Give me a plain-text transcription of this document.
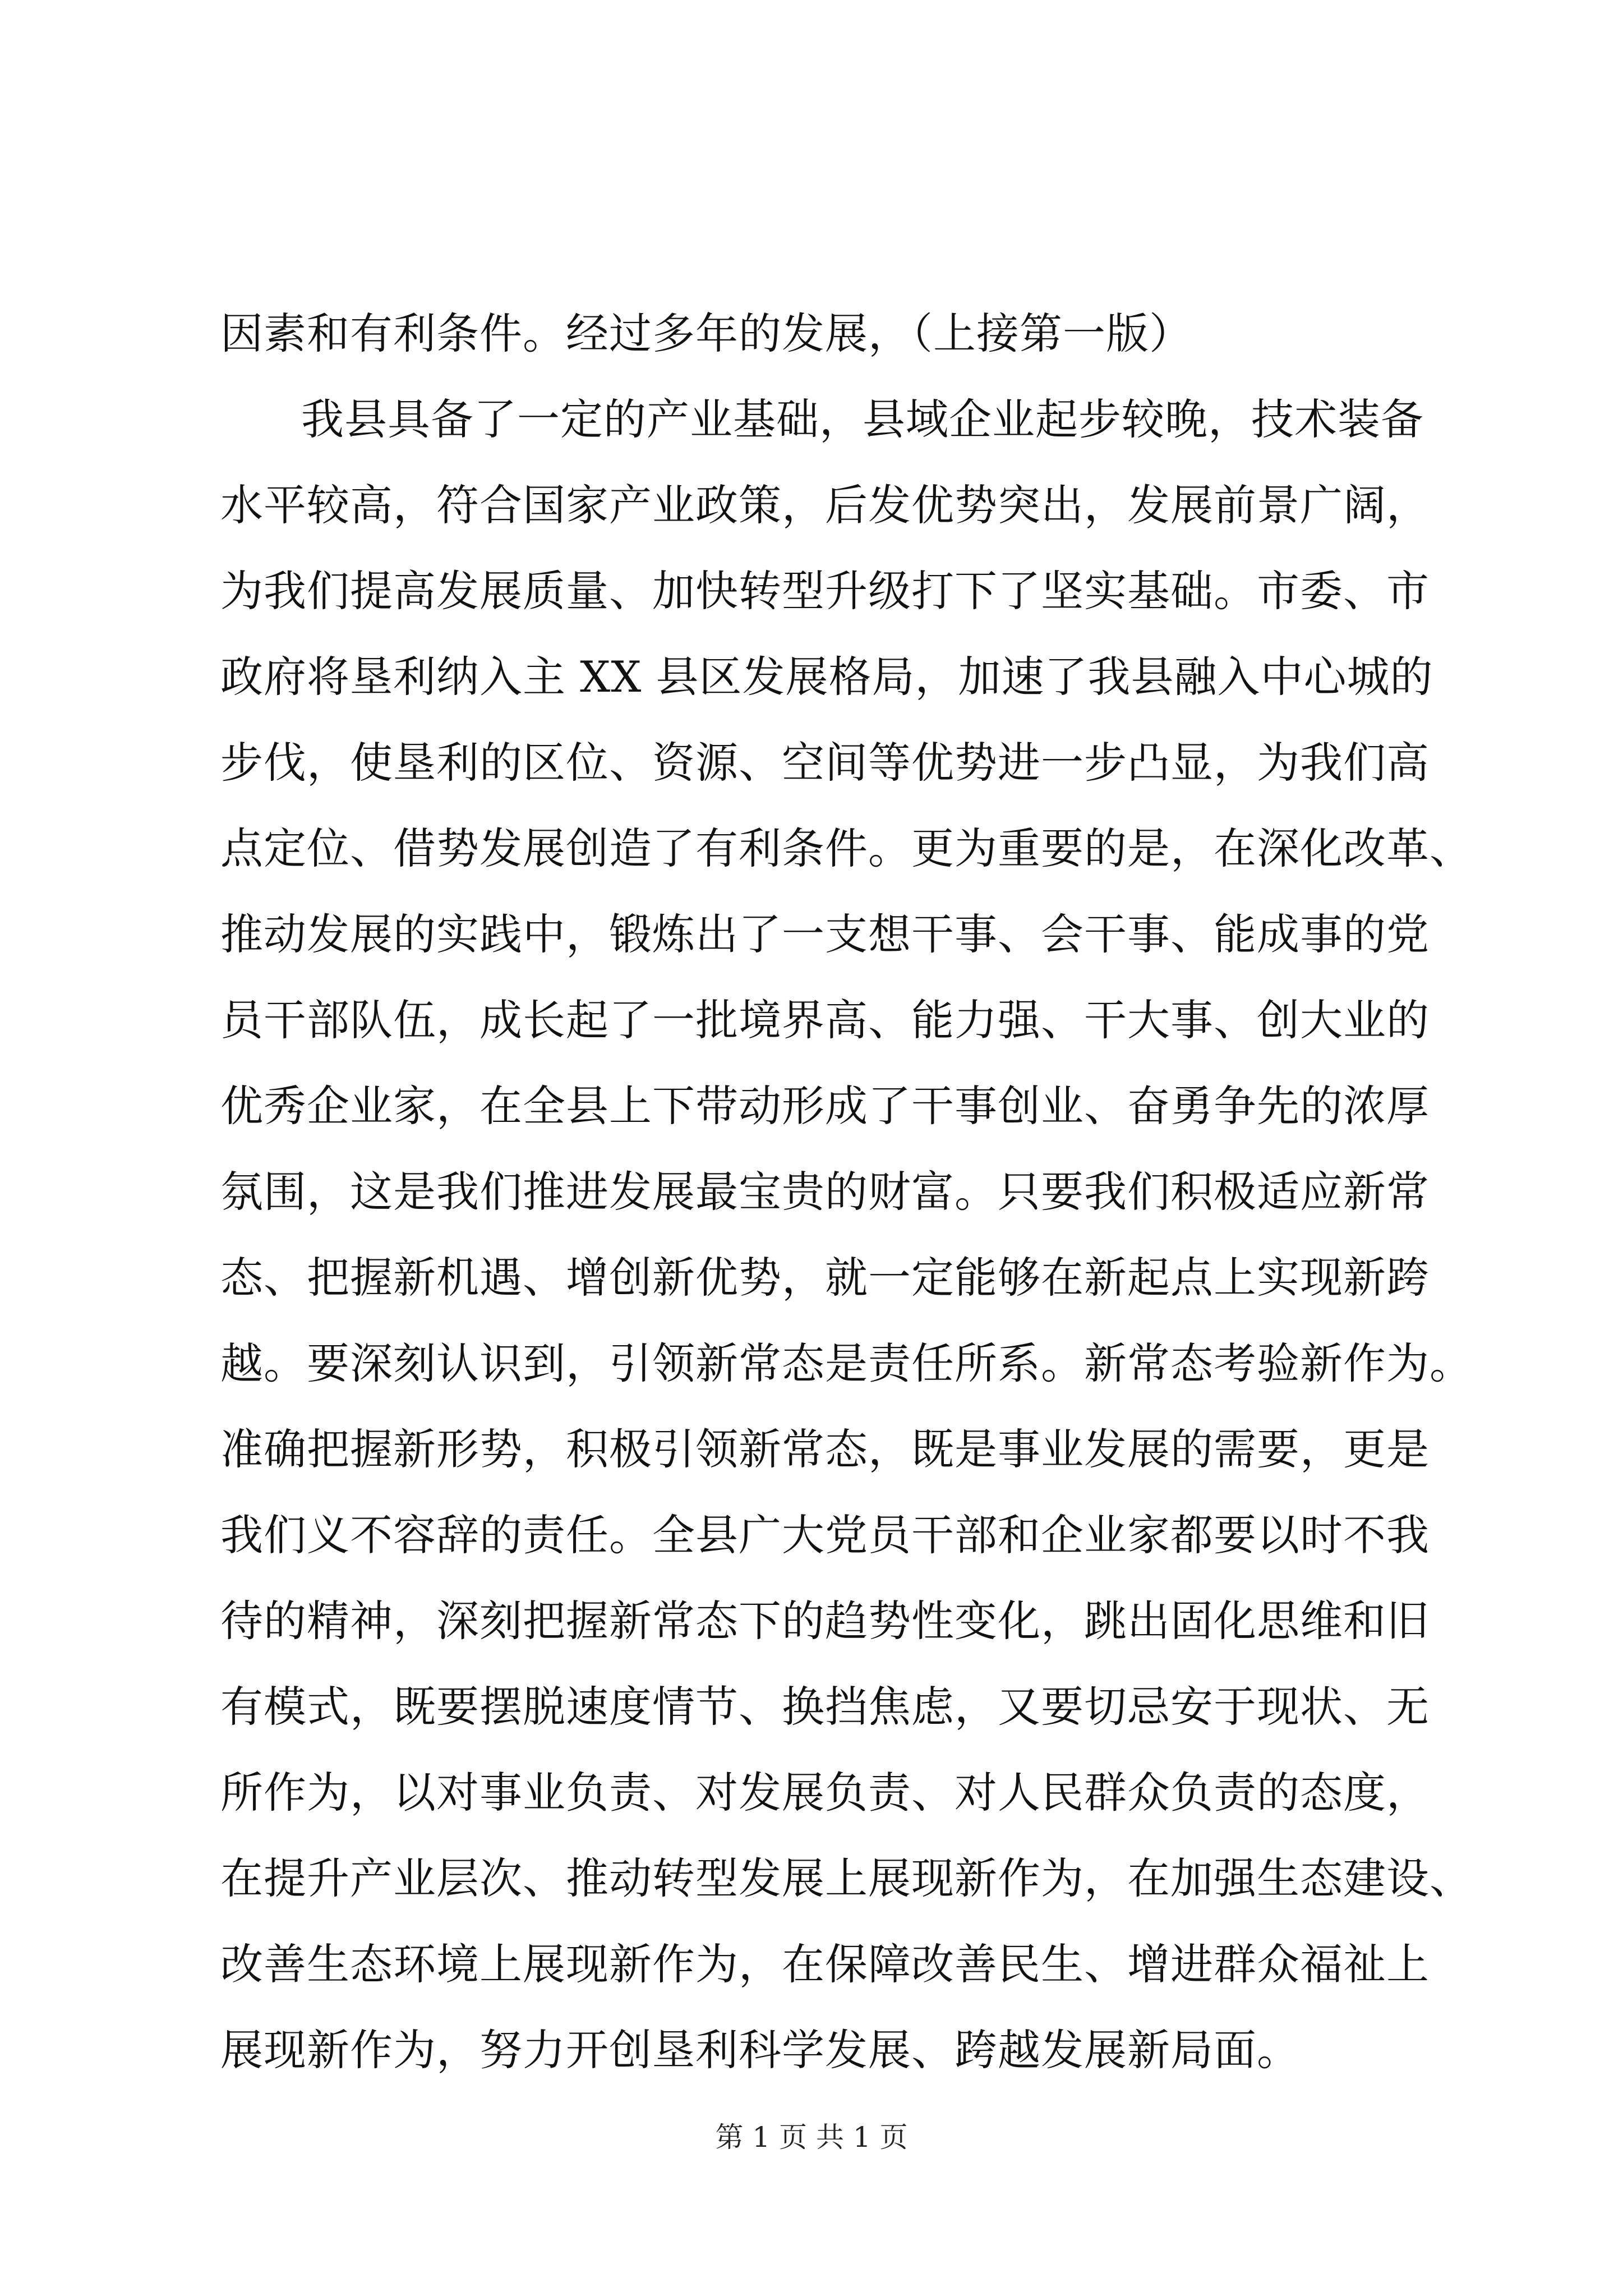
因素和有利条件。经过多年的发展，（上接第一版）
我县具备了一定的产业基础，县域企业起步较晚，技术装备
水平较高，符合国家产业政策，后发优势突出，发展前景广阔，
为我们提高发展质量、加快转型升级打下了坚实基础。市委、市
政府将垦利纳入主 XX 县区发展格局，加速了我县融入中心城的
步伐，使垦利的区位、资源、空间等优势进一步凸显，为我们高
点定位、借势发展创造了有利条件。更为重要的是，在深化改革、
推动发展的实践中，锻炼出了一支想干事、会干事、能成事的党
员干部队伍，成长起了一批境界高、能力强、干大事、创大业的
优秀企业家，在全县上下带动形成了干事创业、奋勇争先的浓厚
氛围，这是我们推进发展最宝贵的财富。只要我们积极适应新常
态、把握新机遇、增创新优势，就一定能够在新起点上实现新跨
越。要深刻认识到，引领新常态是责任所系。新常态考验新作为。
准确把握新形势，积极引领新常态，既是事业发展的需要，更是
我们义不容辞的责任。全县广大党员干部和企业家都要以时不我
待的精神，深刻把握新常态下的趋势性变化，跳出固化思维和旧
有模式，既要摆脱速度情节、换挡焦虑，又要切忌安于现状、无
所作为，以对事业负责、对发展负责、对人民群众负责的态度，
在提升产业层次、推动转型发展上展现新作为，在加强生态建设、
改善生态环境上展现新作为，在保障改善民生、增进群众福祉上
展现新作为，努力开创垦利科学发展、跨越发展新局面。
第 1 页 共 1 页
